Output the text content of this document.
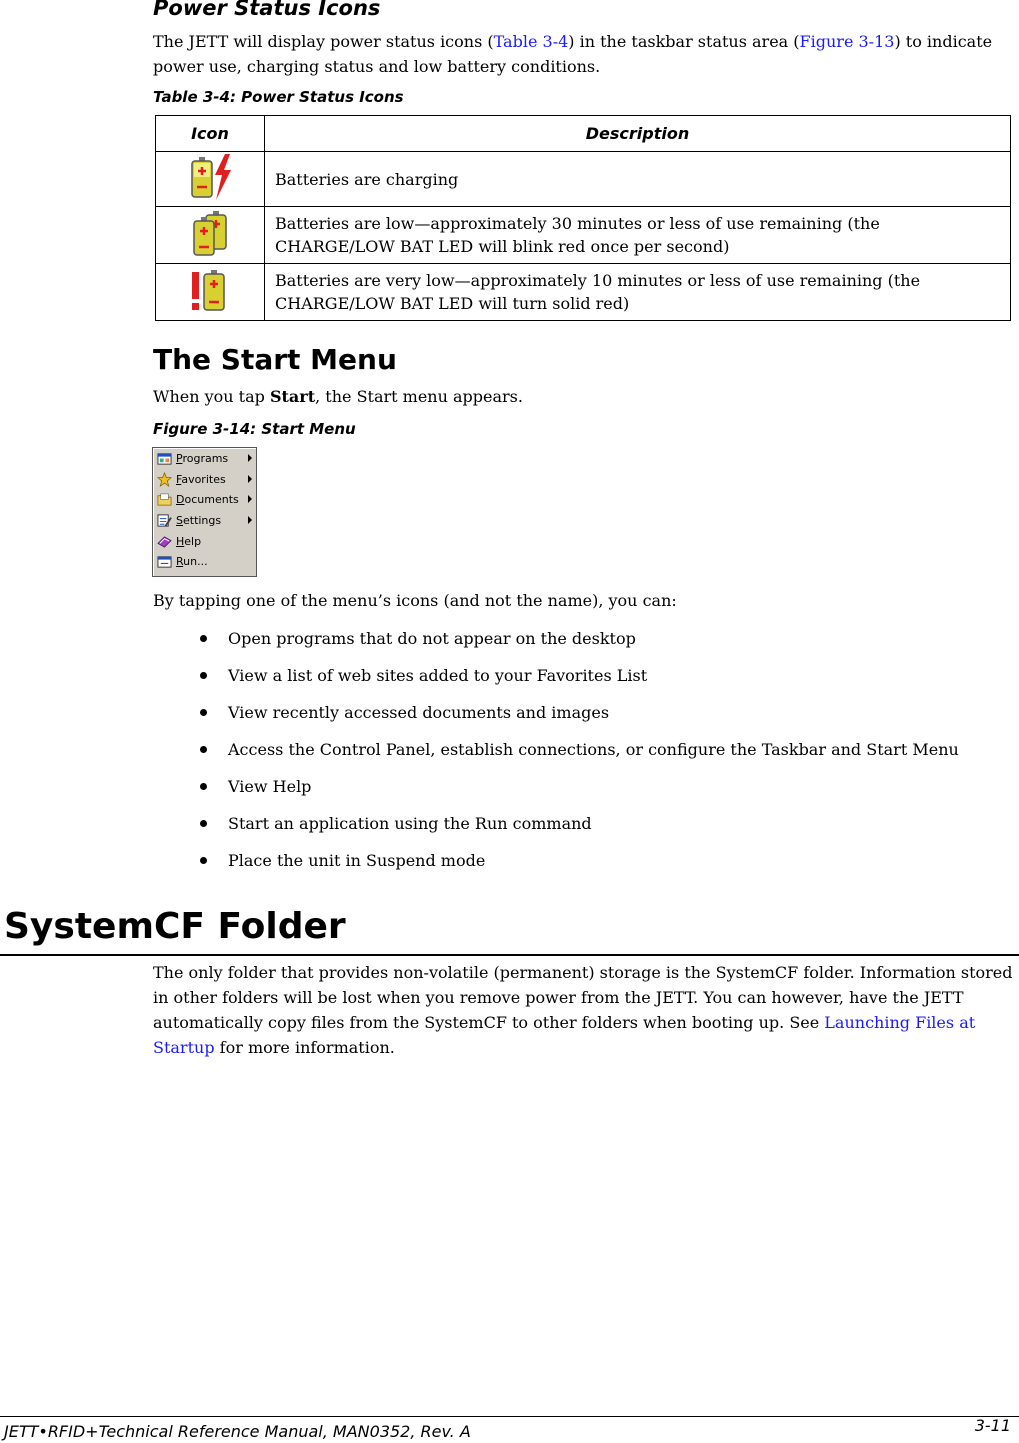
Power Status Icons
The JETT will display power status icons (Table 3-4) in the taskbar status area (Figure 3-13) to indicate power use, charging status and low battery conditions.
Table 3-4: Power Status Icons
Icon	Description
	Batteries are charging
	Batteries are low—approximately 30 minutes or less of use remaining (the CHARGE/LOW BAT LED will blink red once per second)
	Batteries are very low—approximately 10 minutes or less of use remaining (the CHARGE/LOW BAT LED will turn solid red)
The Start Menu
When you tap Start, the Start menu appears.
Figure 3-14: Start Menu
Programs
Favorites
Documents
Settings
Help
Run...
By tapping one of the menu’s icons (and not the name), you can:
Open programs that do not appear on the desktop
View a list of web sites added to your Favorites List
View recently accessed documents and images
Access the Control Panel, establish connections, or configure the Taskbar and Start Menu
View Help
Start an application using the Run command
Place the unit in Suspend mode
SystemCF Folder
The only folder that provides non-volatile (permanent) storage is the SystemCF folder. Information stored in other folders will be lost when you remove power from the JETT. You can however, have the JETT automatically copy files from the SystemCF to other folders when booting up. See Launching Files at Startup for more information.
JETT•RFID+Technical Reference Manual, MAN0352, Rev. A	3-11
